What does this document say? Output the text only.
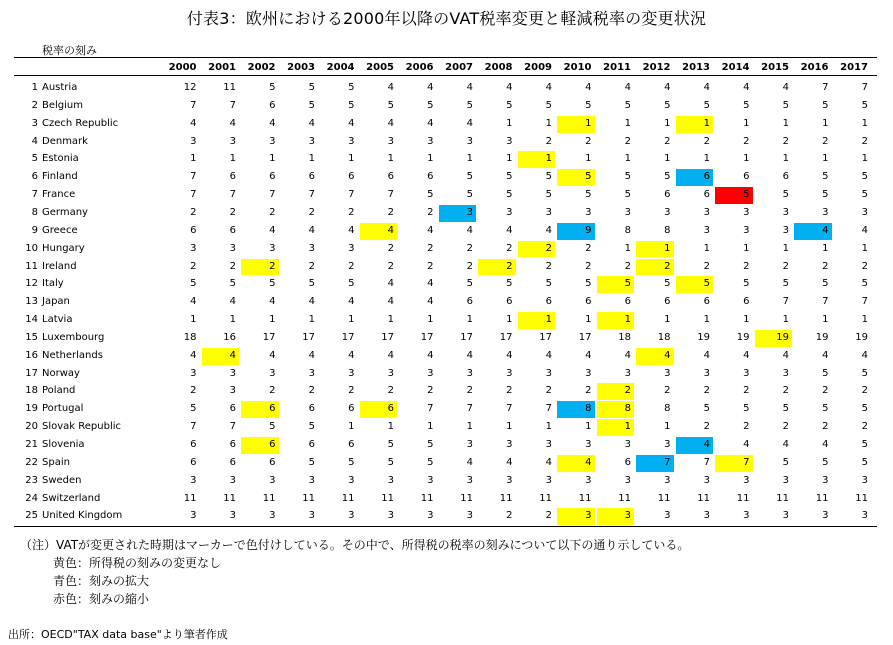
付表3：欧州における2000年以降のVAT税率変更と軽減税率の変更状況
税率の刻み
2000	2001	2002	2003	2004	2005	2006	2007	2008	2009	2010	2011	2012	2013	2014	2015	2016	2017
1 Austria	12	11	5	5	5	4	4	4	4	4	4	4	4	4	4	4	7	7
2 Belgium	7	7	6	5	5	5	5	5	5	5	5	5	5	5	5	5	5	5
3 Czech Republic	4	4	4	4	4	4	4	4	1	1	1	1	1	1	1	1	1	1
4 Denmark	3	3	3	3	3	3	3	3	3	2	2	2	2	2	2	2	2	2
5 Estonia	1	1	1	1	1	1	1	1	1	1	1	1	1	1	1	1	1	1
6 Finland	7	6	6	6	6	6	6	5	5	5	5	5	5	6	6	6	5	5
7 France	7	7	7	7	7	7	5	5	5	5	5	5	6	6	5	5	5	5
8 Germany	2	2	2	2	2	2	2	3	3	3	3	3	3	3	3	3	3	3
9 Greece	6	6	4	4	4	4	4	4	4	4	9	8	8	3	3	3	4	4
10 Hungary	3	3	3	3	3	2	2	2	2	2	2	1	1	1	1	1	1	1
11 Ireland	2	2	2	2	2	2	2	2	2	2	2	2	2	2	2	2	2	2
12 Italy	5	5	5	5	5	4	4	5	5	5	5	5	5	5	5	5	5	5
13 Japan	4	4	4	4	4	4	4	6	6	6	6	6	6	6	6	7	7	7
14 Latvia	1	1	1	1	1	1	1	1	1	1	1	1	1	1	1	1	1	1
15 Luxembourg	18	16	17	17	17	17	17	17	17	17	17	18	18	19	19	19	19	19
16 Netherlands	4	4	4	4	4	4	4	4	4	4	4	4	4	4	4	4	4	4
17 Norway	3	3	3	3	3	3	3	3	3	3	3	3	3	3	3	3	5	5
18 Poland	2	3	2	2	2	2	2	2	2	2	2	2	2	2	2	2	2	2
19 Portugal	5	6	6	6	6	6	7	7	7	7	8	8	8	5	5	5	5	5
20 Slovak Republic	7	7	5	5	1	1	1	1	1	1	1	1	1	2	2	2	2	2
21 Slovenia	6	6	6	6	6	5	5	3	3	3	3	3	3	4	4	4	4	5
22 Spain	6	6	6	5	5	5	5	4	4	4	4	6	7	7	7	5	5	5
23 Sweden	3	3	3	3	3	3	3	3	3	3	3	3	3	3	3	3	3	3
24 Switzerland	11	11	11	11	11	11	11	11	11	11	11	11	11	11	11	11	11	11
25 United Kingdom	3	3	3	3	3	3	3	3	2	2	3	3	3	3	3	3	3	3
（注）VATが変更された時期はマーカーで色付けしている。その中で、所得税の税率の刻みについて以下の通り示している。
黄色：所得税の刻みの変更なし
青色：刻みの拡大
赤色：刻みの縮小
出所：OECD"TAX data base"より筆者作成
